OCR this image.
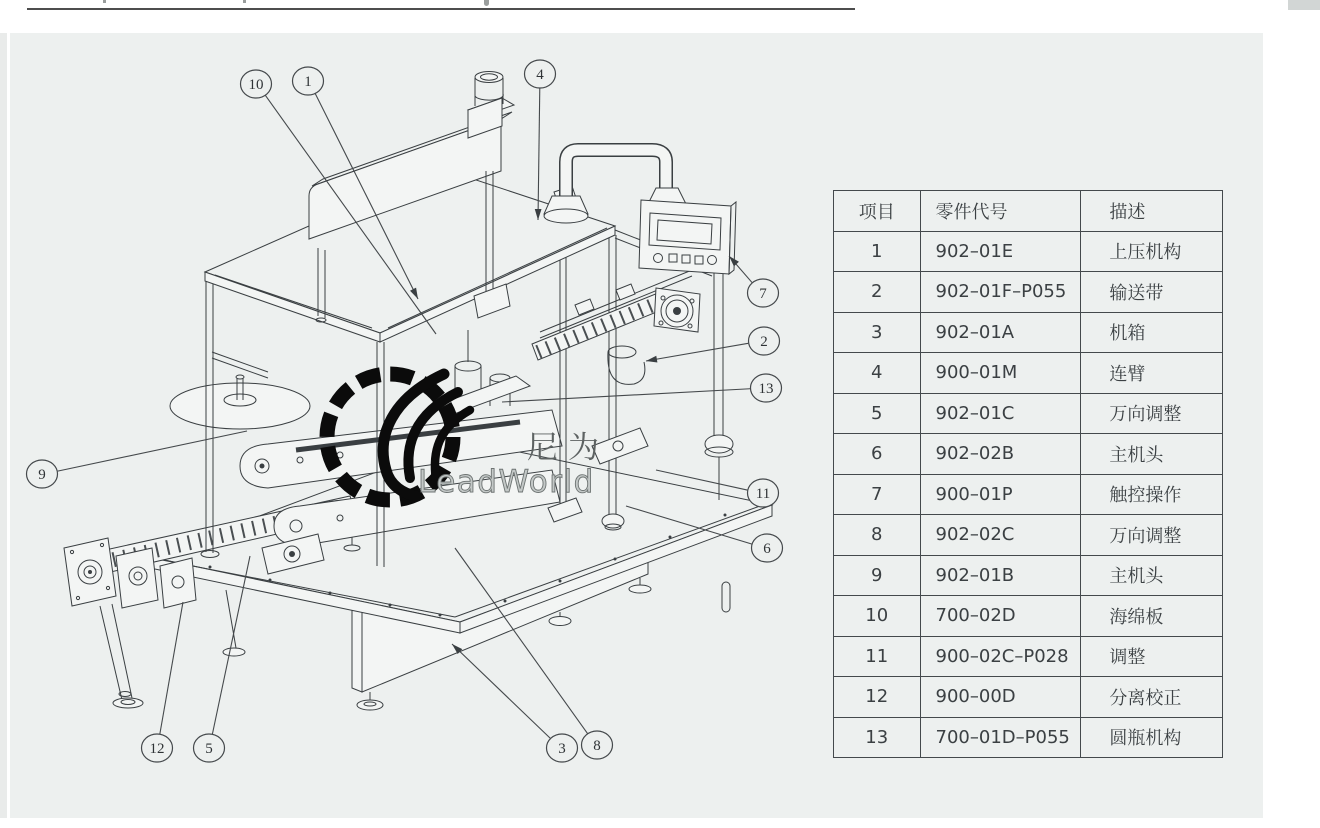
尼为
LeadWorld
1
2
3
4
5
6
7
8
9
10
11
12
13
项目	零件代号	描述
1	902–01E	上压机构
2	902–01F–P055	输送带
3	902–01A	机箱
4	900–01M	连臂
5	902–01C	万向调整
6	902–02B	主机头
7	900–01P	触控操作
8	902–02C	万向调整
9	902–01B	主机头
10	700–02D	海绵板
11	900–02C–P028	调整
12	900–00D	分离校正
13	700–01D–P055	圆瓶机构
